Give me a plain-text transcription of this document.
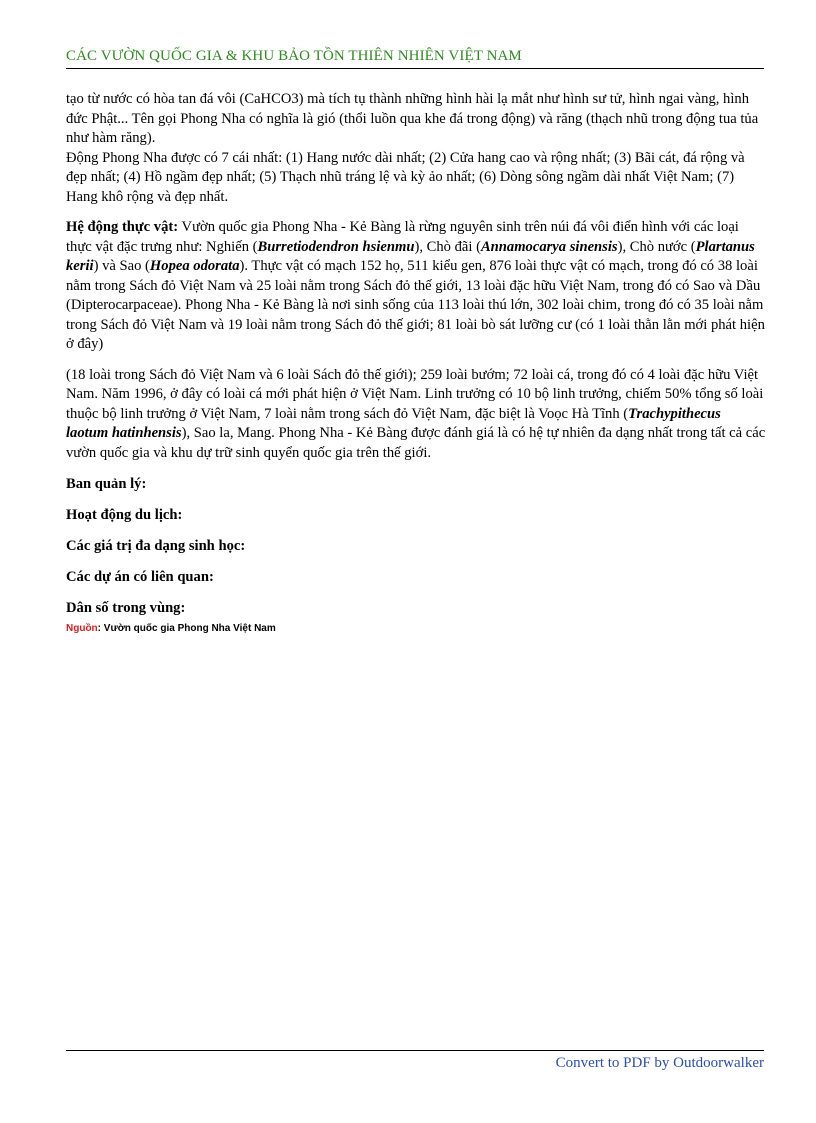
CÁC VƯỜN QUỐC GIA & KHU BẢO TỒN THIÊN NHIÊN VIỆT NAM

tạo từ nước có hòa tan đá vôi (CaHCO3) mà tích tụ thành những hình hài lạ mắt như hình sư tử, hình ngai vàng, hình đức Phật... Tên gọi Phong Nha có nghĩa là gió (thổi luồn qua khe đá trong động) và răng (thạch nhũ trong động tua tủa như hàm răng).

Động Phong Nha được có 7 cái nhất: (1) Hang nước dài nhất; (2) Cửa hang cao và rộng nhất; (3) Bãi cát, đá rộng và đẹp nhất; (4) Hồ ngầm đẹp nhất; (5) Thạch nhũ tráng lệ và kỳ ảo nhất; (6) Dòng sông ngầm dài nhất Việt Nam; (7) Hang khô rộng và đẹp nhất.

Hệ động thực vật: Vườn quốc gia Phong Nha - Kẻ Bàng là rừng nguyên sinh trên núi đá vôi điển hình với các loại thực vật đặc trưng như: Nghiến (Burretiodendron hsienmu), Chò đãi (Annamocarya sinensis), Chò nước (Plartanus kerii) và Sao (Hopea odorata). Thực vật có mạch 152 họ, 511 kiểu gen, 876 loài thực vật có mạch, trong đó có 38 loài nằm trong Sách đỏ Việt Nam và 25 loài nằm trong Sách đỏ thế giới, 13 loài đặc hữu Việt Nam, trong đó có Sao và Dầu (Dipterocarpaceae). Phong Nha - Kẻ Bàng là nơi sinh sống của 113 loài thú lớn, 302 loài chim, trong đó có 35 loài nằm trong Sách đỏ Việt Nam và 19 loài nằm trong Sách đỏ thế giới; 81 loài bò sát lưỡng cư (có 1 loài thằn lằn mới phát hiện ở đây)

(18 loài trong Sách đỏ Việt Nam và 6 loài Sách đỏ thế giới); 259 loài bướm; 72 loài cá, trong đó có 4 loài đặc hữu Việt Nam. Năm 1996, ở đây có loài cá mới phát hiện ở Việt Nam. Linh trưởng có 10 bộ linh trưởng, chiếm 50% tổng số loài thuộc bộ linh trưởng ở Việt Nam, 7 loài nằm trong sách đỏ Việt Nam, đặc biệt là Voọc Hà Tĩnh (Trachypithecus laotum hatinhensis), Sao la, Mang. Phong Nha - Kẻ Bàng được đánh giá là có hệ tự nhiên đa dạng nhất trong tất cả các vườn quốc gia và khu dự trữ sinh quyển quốc gia trên thế giới.

Ban quản lý:

Hoạt động du lịch:

Các giá trị đa dạng sinh học:

Các dự án có liên quan:

Dân số trong vùng:

Nguồn: Vườn quốc gia Phong Nha Việt Nam

Convert to PDF by Outdoorwalker
